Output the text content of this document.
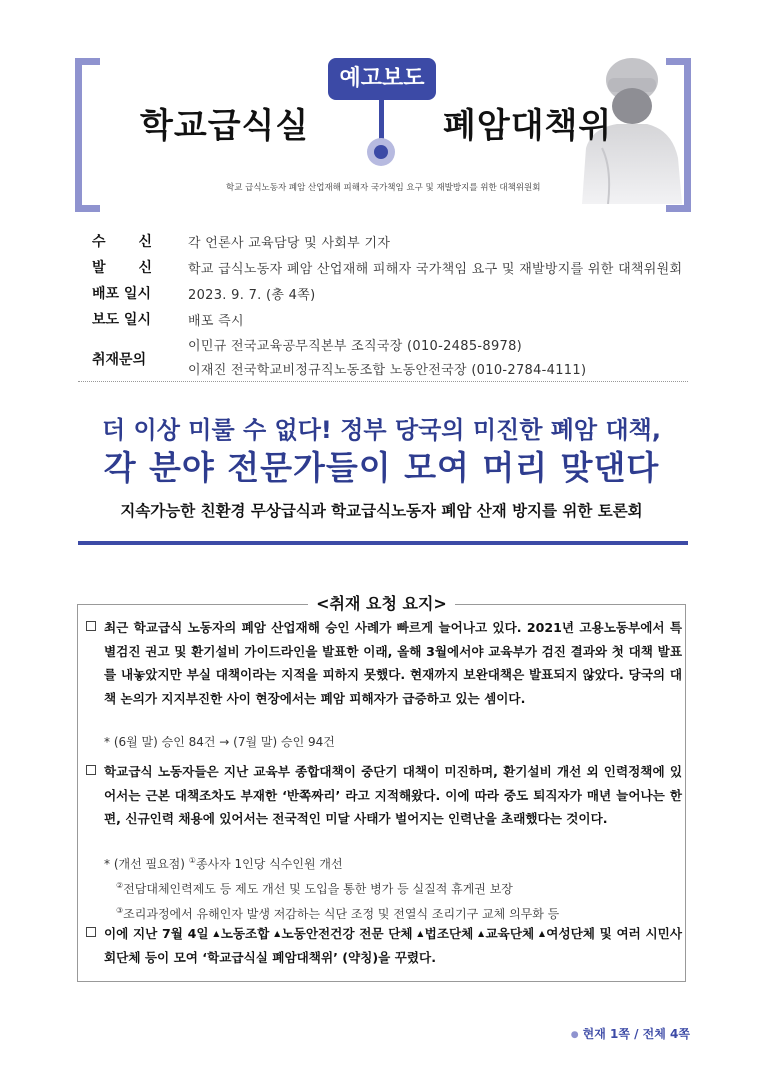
예고보도
학교급식실	폐암대책위
학교 급식노동자 폐암 산업재해 피해자 국가책임 요구 및 재발방지를 위한 대책위원회
수 신	각 언론사 교육담당 및 사회부 기자
발 신	학교 급식노동자 폐암 산업재해 피해자 국가책임 요구 및 재발방지를 위한 대책위원회
배포 일시	2023. 9. 7. (총 4쪽)
보도 일시	배포 즉시
취재문의
이민규 전국교육공무직본부 조직국장 (010-2485-8978)
이재진 전국학교비정규직노동조합 노동안전국장 (010-2784-4111)
더 이상 미룰 수 없다! 정부 당국의 미진한 폐암 대책,
각 분야 전문가들이 모여 머리 맞댄다
지속가능한 친환경 무상급식과 학교급식노동자 폐암 산재 방지를 위한 토론회
<취재 요청 요지>
최근 학교급식 노동자의 폐암 산업재해 승인 사례가 빠르게 늘어나고 있다. 2021년 고용노동부에서 특별검진 권고 및 환기설비 가이드라인을 발표한 이래, 올해 3월에서야 교육부가 검진 결과와 첫 대책 발표를 내놓았지만 부실 대책이라는 지적을 피하지 못했다. 현재까지 보완대책은 발표되지 않았다. 당국의 대책 논의가 지지부진한 사이 현장에서는 폐암 피해자가 급증하고 있는 셈이다.
* (6월 말) 승인 84건 → (7월 말) 승인 94건
학교급식 노동자들은 지난 교육부 종합대책이 중단기 대책이 미진하며, 환기설비 개선 외 인력정책에 있어서는 근본 대책조차도 부재한 ‘반쪽짜리’ 라고 지적해왔다. 이에 따라 중도 퇴직자가 매년 늘어나는 한편, 신규인력 채용에 있어서는 전국적인 미달 사태가 벌어지는 인력난을 초래했다는 것이다.
* (개선 필요점) ①종사자 1인당 식수인원 개선
②전담대체인력제도 등 제도 개선 및 도입을 통한 병가 등 실질적 휴게권 보장
③조리과정에서 유해인자 발생 저감하는 식단 조정 및 전열식 조리기구 교체 의무화 등
이에 지난 7월 4일 ▲노동조합 ▲노동안전건강 전문 단체 ▲법조단체 ▲교육단체 ▲여성단체 및 여러 시민사회단체 등이 모여 ‘학교급식실 폐암대책위’ (약칭)을 꾸렸다.
● 현재 1쪽 / 전체 4쪽
